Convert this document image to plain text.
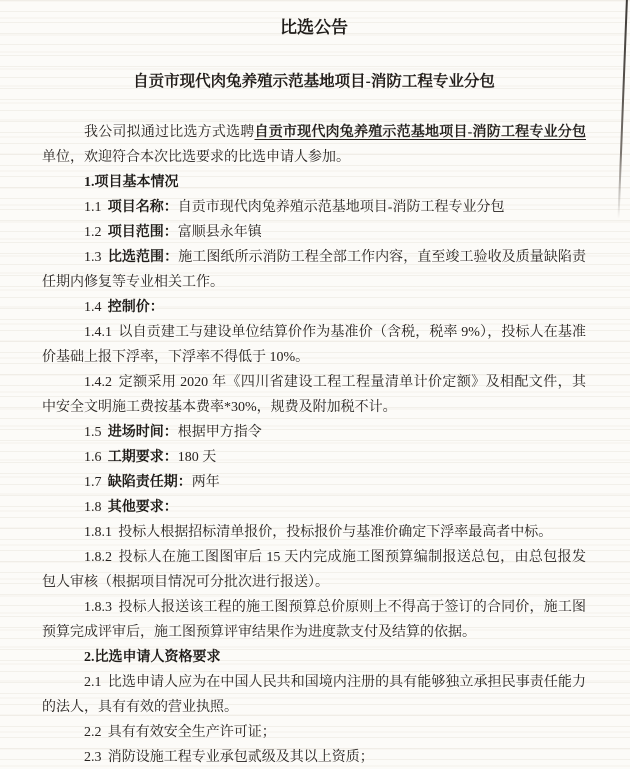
比选公告
自贡市现代肉兔养殖示范基地项目-消防工程专业分包

我公司拟通过比选方式选聘自贡市现代肉兔养殖示范基地项目-消防工程专业分包单位，欢迎符合本次比选要求的比选申请人参加。

1.项目基本情况

1.1 项目名称：自贡市现代肉兔养殖示范基地项目-消防工程专业分包

1.2 项目范围：富顺县永年镇

1.3 比选范围：施工图纸所示消防工程全部工作内容，直至竣工验收及质量缺陷责任期内修复等专业相关工作。

1.4 控制价：

1.4.1 以自贡建工与建设单位结算价作为基准价（含税，税率 9%），投标人在基准价基础上报下浮率，下浮率不得低于 10%。

1.4.2 定额采用 2020 年《四川省建设工程工程量清单计价定额》及相配文件，其中安全文明施工费按基本费率*30%，规费及附加税不计。

1.5 进场时间：根据甲方指令

1.6 工期要求：180 天

1.7 缺陷责任期：两年

1.8 其他要求：

1.8.1 投标人根据招标清单报价，投标报价与基准价确定下浮率最高者中标。

1.8.2 投标人在施工图图审后 15 天内完成施工图预算编制报送总包，由总包报发包人审核（根据项目情况可分批次进行报送）。

1.8.3 投标人报送该工程的施工图预算总价原则上不得高于签订的合同价，施工图预算完成评审后，施工图预算评审结果作为进度款支付及结算的依据。

2.比选申请人资格要求

2.1 比选申请人应为在中国人民共和国境内注册的具有能够独立承担民事责任能力的法人，具有有效的营业执照。

2.2 具有有效安全生产许可证；

2.3 消防设施工程专业承包贰级及其以上资质；
